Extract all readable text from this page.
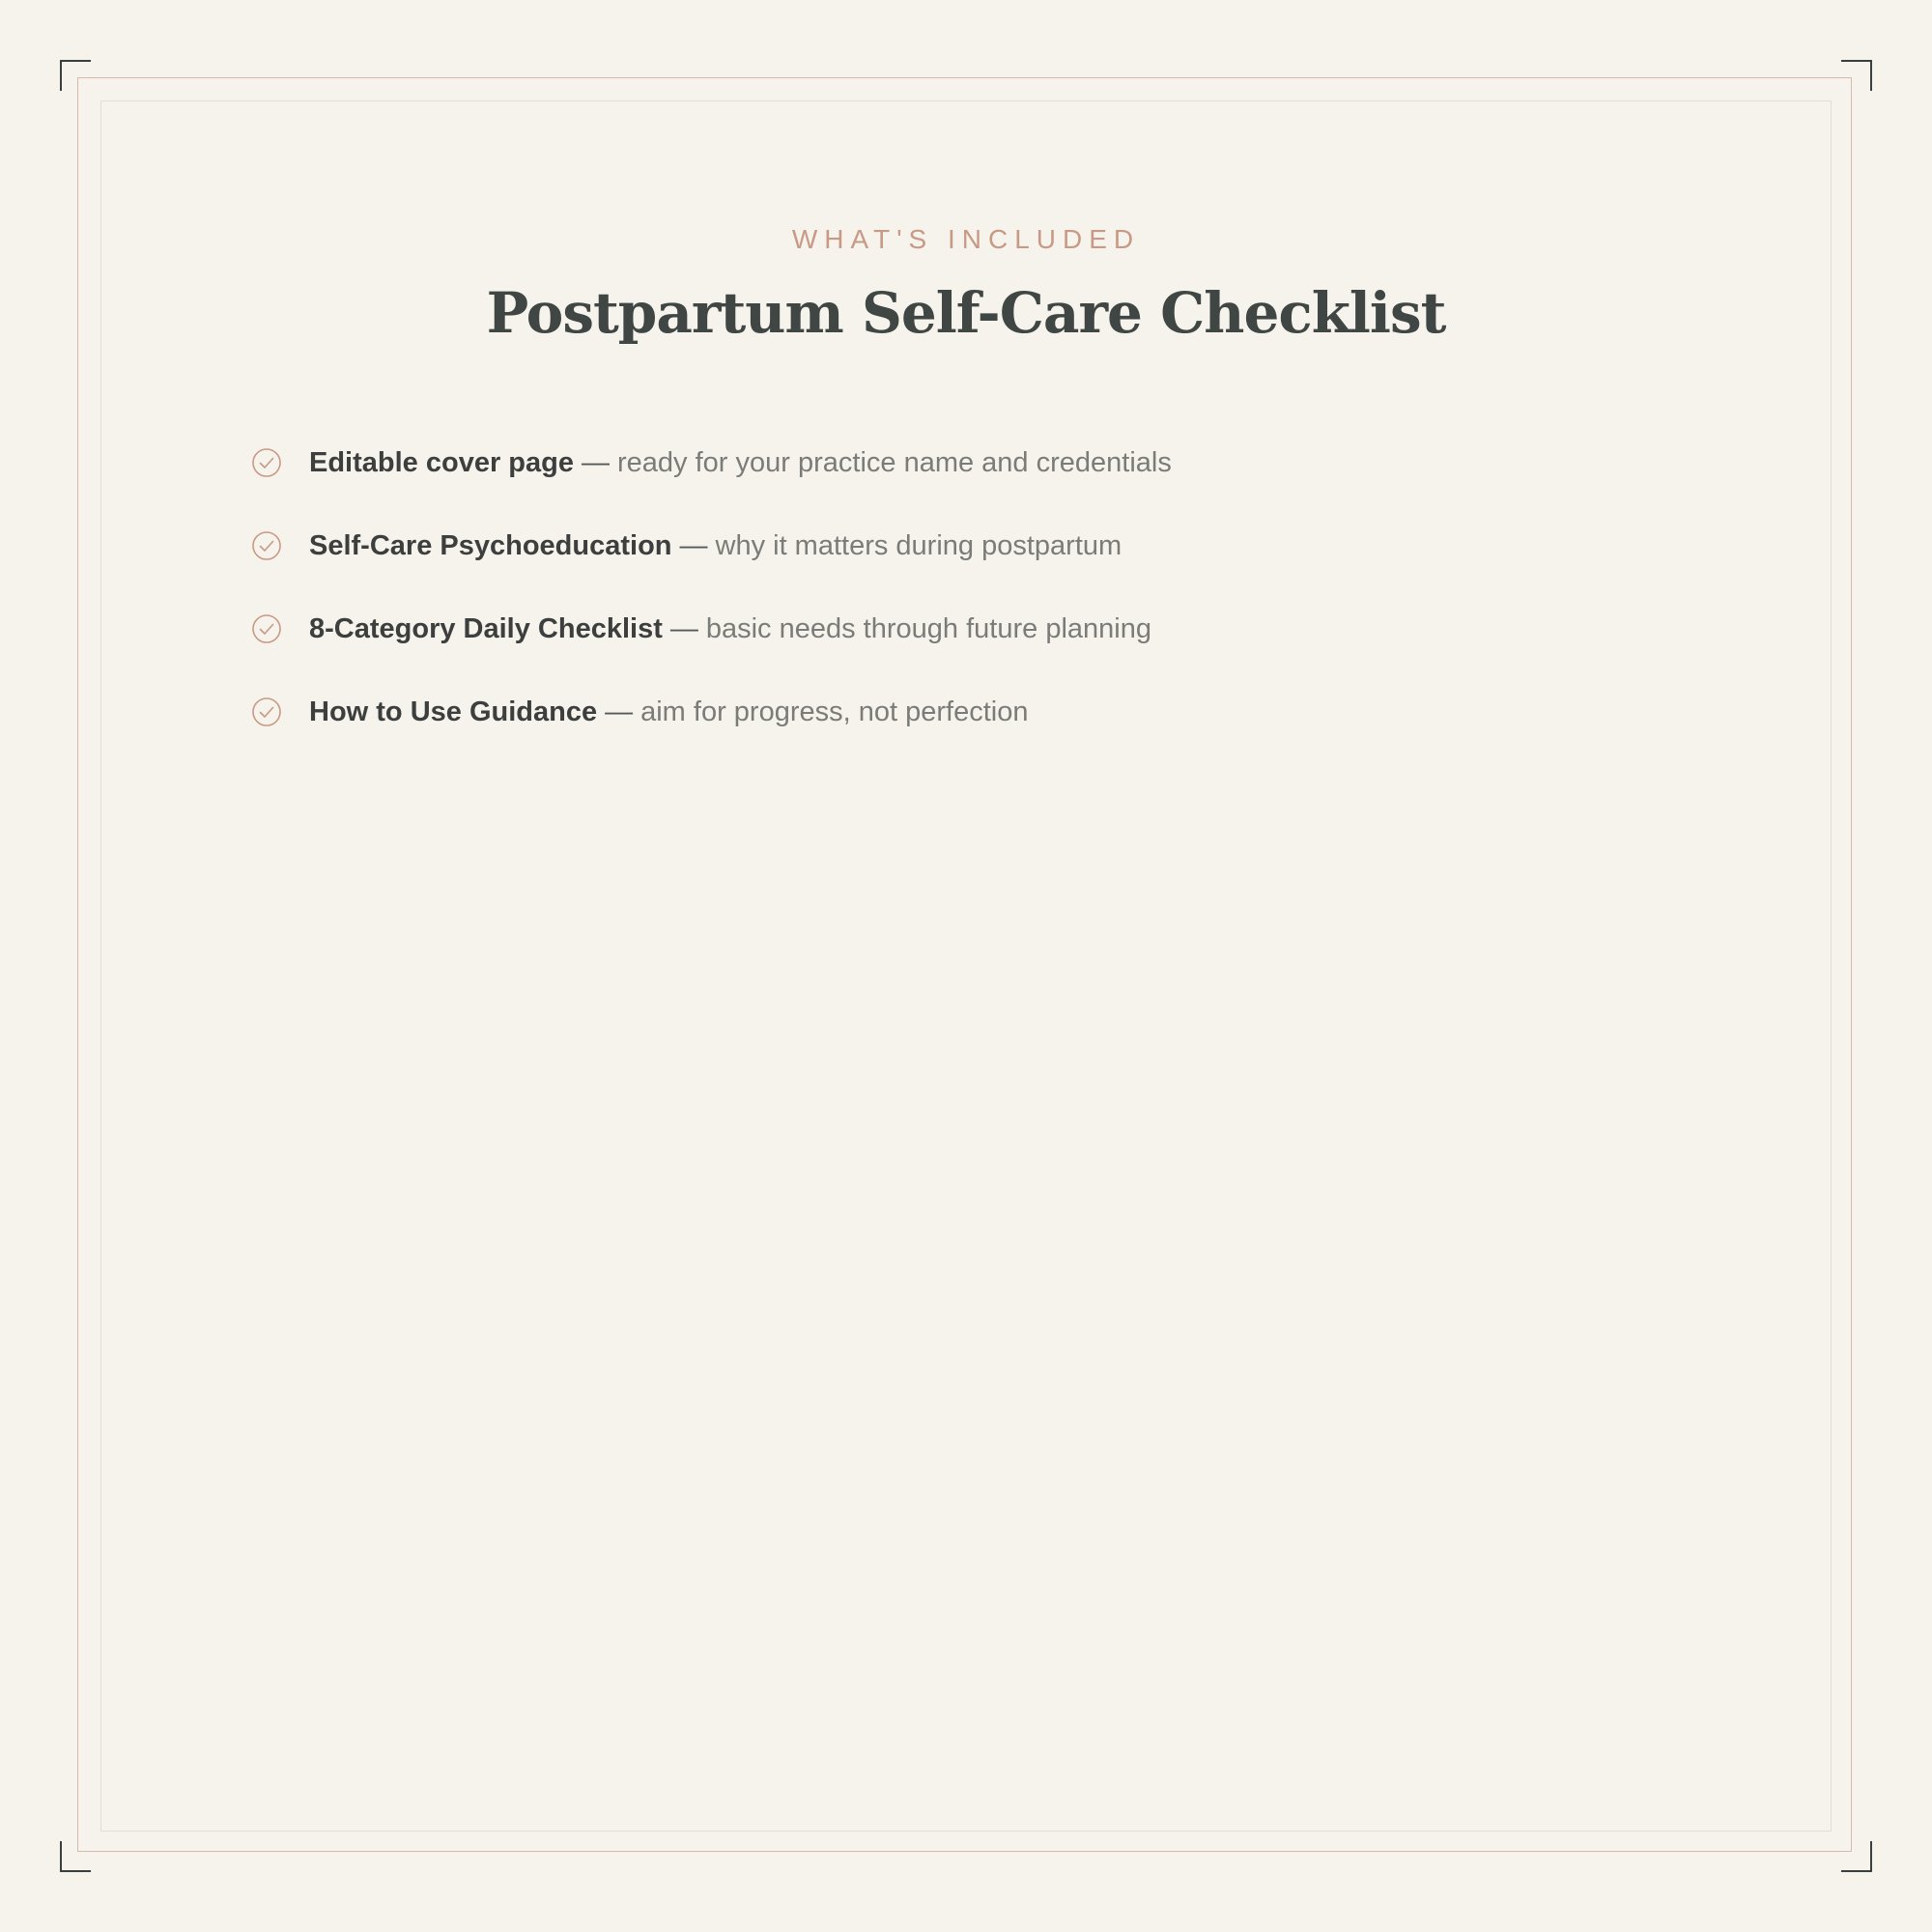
WHAT'S INCLUDED
Postpartum Self-Care Checklist
Editable cover page — ready for your practice name and credentials
Self-Care Psychoeducation — why it matters during postpartum
8-Category Daily Checklist — basic needs through future planning
How to Use Guidance — aim for progress, not perfection
